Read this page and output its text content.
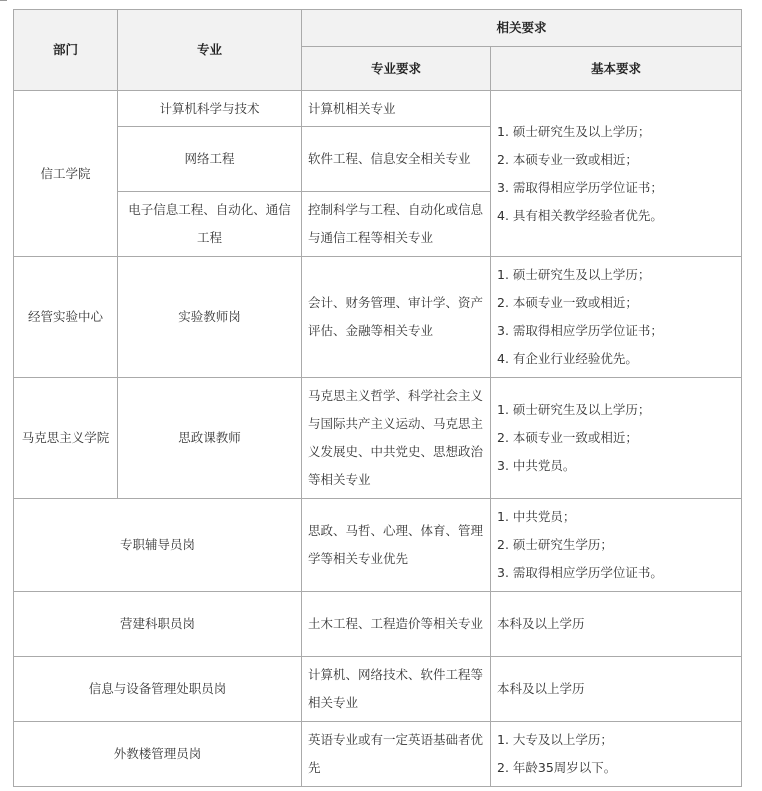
部门	专业	相关要求	
		专业要求	基本要求
信工学院	计算机科学与技术	计算机相关专业	1. 硕士研究生及以上学历；
2. 本硕专业一致或相近；
3. 需取得相应学历学位证书；
4. 具有相关教学经验者优先。

	网络工程	软件工程、信息安全相关专业	
	电子信息工程、自动化、通信工程	控制科学与工程、自动化或信息与通信工程等相关专业	
经管实验中心	实验教师岗	会计、财务管理、审计学、资产评估、金融等相关专业	1. 硕士研究生及以上学历；
2. 本硕专业一致或相近；
3. 需取得相应学历学位证书；
4. 有企业行业经验优先。

马克思主义学院	思政课教师	马克思主义哲学、科学社会主义与国际共产主义运动、马克思主义发展史、中共党史、思想政治等相关专业	1. 硕士研究生及以上学历；
2. 本硕专业一致或相近；
3. 中共党员。

专职辅导员岗		思政、马哲、心理、体育、管理学等相关专业优先	1. 中共党员；
2. 硕士研究生学历；
3. 需取得相应学历学位证书。

营建科职员岗		土木工程、工程造价等相关专业	本科及以上学历
信息与设备管理处职员岗		计算机、网络技术、软件工程等相关专业	本科及以上学历
外教楼管理员岗		英语专业或有一定英语基础者优先	1. 大专及以上学历；
2. 年龄35周岁以下。
